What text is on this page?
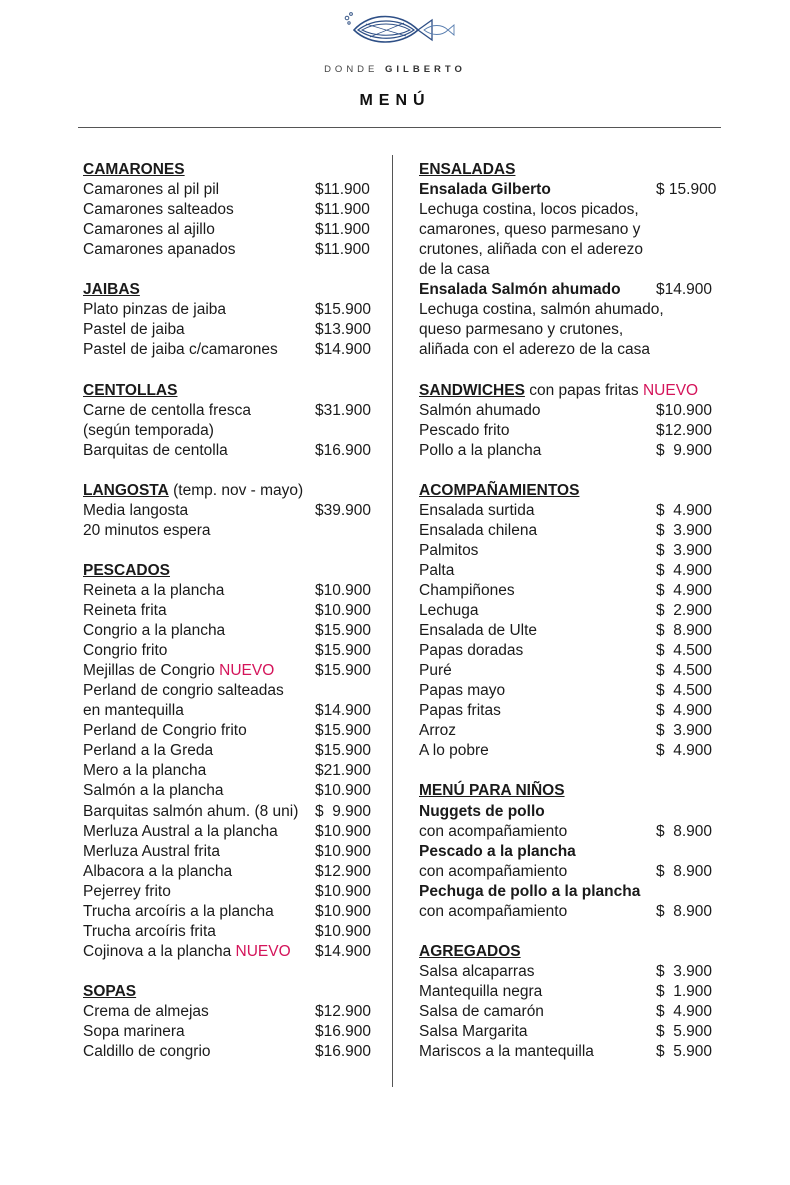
DONDE GILBERTO
MENÚ
CAMARONES
Camarones al pil pil	$11.900
Camarones salteados	$11.900
Camarones al ajillo	$11.900
Camarones apanados	$11.900
JAIBAS
Plato pinzas de jaiba	$15.900
Pastel de jaiba	$13.900
Pastel de jaiba c/camarones $14.900
CENTOLLAS
Carne de centolla fresca	$31.900
(según temporada)
Barquitas de centolla	$16.900
LANGOSTA (temp. nov - mayo)
Media langosta	$39.900
20 minutos espera
PESCADOS
Reineta a la plancha	$10.900
Reineta frita	$10.900
Congrio a la plancha	$15.900
Congrio frito	$15.900
Mejillas de Congrio NUEVO	$15.900
Perland de congrio salteadas
en mantequilla	$14.900
Perland de Congrio frito	$15.900
Perland a la Greda	$15.900
Mero a la plancha	$21.900
Salmón a la plancha	$10.900
Barquitas salmón ahum. (8 uni) $  9.900
Merluza Austral a la plancha $10.900
Merluza Austral frita	$10.900
Albacora a la plancha	$12.900
Pejerrey frito	$10.900
Trucha arcoíris a la plancha	$10.900
Trucha arcoíris frita	$10.900
Cojinova a la plancha NUEVO $14.900
SOPAS
Crema de almejas	$12.900
Sopa marinera	$16.900
Caldillo de congrio	$16.900
ENSALADAS
Ensalada Gilberto	$ 15.900
Lechuga costina, locos picados,
camarones, queso parmesano y
crutones, aliñada con el aderezo
de la casa
Ensalada Salmón ahumado $14.900
Lechuga costina, salmón ahumado,
queso parmesano y crutones,
aliñada con el aderezo de la casa
SANDWICHES con papas fritas NUEVO
Salmón ahumado	$10.900
Pescado frito	$12.900
Pollo a la plancha	$  9.900
ACOMPAÑAMIENTOS
Ensalada surtida	$  4.900
Ensalada chilena	$  3.900
Palmitos	$  3.900
Palta	$  4.900
Champiñones	$  4.900
Lechuga	$  2.900
Ensalada de Ulte	$  8.900
Papas doradas	$  4.500
Puré	$  4.500
Papas mayo	$  4.500
Papas fritas	$  4.900
Arroz	$  3.900
A lo pobre	$  4.900
MENÚ PARA NIÑOS
Nuggets de pollo
con acompañamiento	$  8.900
Pescado a la plancha
con acompañamiento	$  8.900
Pechuga de pollo a la plancha
con acompañamiento	$  8.900
AGREGADOS
Salsa alcaparras	$  3.900
Mantequilla negra	$  1.900
Salsa de camarón	$  4.900
Salsa Margarita	$  5.900
Mariscos a la mantequilla	$  5.900
